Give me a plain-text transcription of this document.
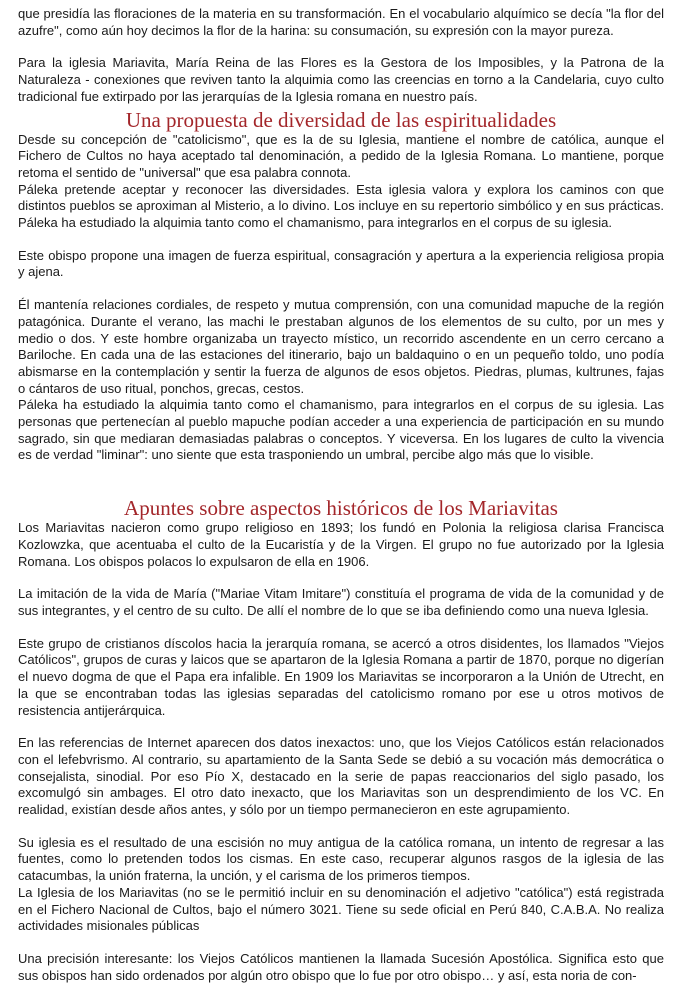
que presidía las floraciones de la materia en su transformación. En el vocabulario alquímico se decía "la flor del azufre", como aún hoy decimos la flor de la harina: su consumación, su expresión con la mayor pureza.

Para la iglesia Mariavita, María Reina de las Flores es la Gestora de los Imposibles, y la Patrona de la Naturaleza - conexiones que reviven tanto la alquimia como las creencias en torno a la Candelaria, cuyo culto tradicional fue extirpado por las jerarquías de la Iglesia romana en nuestro país.

Una propuesta de diversidad de las espiritualidades

Desde su concepción de "catolicismo", que es la de su Iglesia, mantiene el nombre de católica, aunque el Fichero de Cultos no haya aceptado tal denominación, a pedido de la Iglesia Romana. Lo mantiene, porque retoma el sentido de "universal" que esa palabra connota.

Páleka pretende aceptar y reconocer las diversidades. Esta iglesia valora y explora los caminos con que distintos pueblos se aproximan al Misterio, a lo divino. Los incluye en su repertorio simbólico y en sus prácticas. Páleka ha estudiado la alquimia tanto como el chamanismo, para integrarlos en el corpus de su iglesia.

Este obispo propone una imagen de fuerza espiritual, consagración y apertura a la experiencia religiosa propia y ajena.

Él mantenía relaciones cordiales, de respeto y mutua comprensión, con una comunidad mapuche de la región patagónica. Durante el verano, las machi le prestaban algunos de los elementos de su culto, por un mes y medio o dos. Y este hombre organizaba un trayecto místico, un recorrido ascendente en un cerro cercano a Bariloche. En cada una de las estaciones del itinerario, bajo un baldaquino o en un pequeño toldo, uno podía abismarse en la contemplación y sentir la fuerza de algunos de esos objetos. Piedras, plumas, kultrunes, fajas o cántaros de uso ritual, ponchos, grecas, cestos.

Páleka ha estudiado la alquimia tanto como el chamanismo, para integrarlos en el corpus de su iglesia. Las personas que pertenecían al pueblo mapuche podían acceder a una experiencia de participación en su mundo sagrado, sin que mediaran demasiadas palabras o conceptos. Y viceversa. En los lugares de culto la vivencia es de verdad "liminar": uno siente que esta trasponiendo un umbral, percibe algo más que lo visible.

Apuntes sobre aspectos históricos de los Mariavitas

Los Mariavitas nacieron como grupo religioso en 1893; los fundó en Polonia la religiosa clarisa Francisca Kozlowzka, que acentuaba el culto de la Eucaristía y de la Virgen. El grupo no fue autorizado por la Iglesia Romana. Los obispos polacos lo expulsaron de ella en 1906.

La imitación de la vida de María ("Mariae Vitam Imitare") constituía el programa de vida de la comunidad y de sus integrantes, y el centro de su culto. De allí el nombre de lo que se iba definiendo como una nueva Iglesia.

Este grupo de cristianos díscolos hacia la jerarquía romana, se acercó a otros disidentes, los llamados "Viejos Católicos", grupos de curas y laicos que se apartaron de la Iglesia Romana a partir de 1870, porque no digerían el nuevo dogma de que el Papa era infalible. En 1909 los Mariavitas se incorporaron a la Unión de Utrecht, en la que se encontraban todas las iglesias separadas del catolicismo romano por ese u otros motivos de resistencia antijerárquica.

En las referencias de Internet aparecen dos datos inexactos: uno, que los Viejos Católicos están relacionados con el lefebvrismo. Al contrario, su apartamiento de la Santa Sede se debió a su vocación más democrática o consejalista, sinodial. Por eso Pío X, destacado en la serie de papas reaccionarios del siglo pasado, los excomulgó sin ambages. El otro dato inexacto, que los Mariavitas son un desprendimiento de los VC. En realidad, existían desde años antes, y sólo por un tiempo permanecieron en este agrupamiento.

Su iglesia es el resultado de una escisión no muy antigua de la católica romana, un intento de regresar a las fuentes, como lo pretenden todos los cismas. En este caso, recuperar algunos rasgos de la iglesia de las catacumbas, la unión fraterna, la unción, y el carisma de los primeros tiempos.

La Iglesia de los Mariavitas (no se le permitió incluir en su denominación el adjetivo "católica") está registrada en el Fichero Nacional de Cultos, bajo el número 3021. Tiene su sede oficial en Perú 840, C.A.B.A. No realiza actividades misionales públicas

Una precisión interesante: los Viejos Católicos mantienen la llamada Sucesión Apostólica. Significa esto que sus obispos han sido ordenados por algún otro obispo que lo fue por otro obispo… y así, esta noria de con-
